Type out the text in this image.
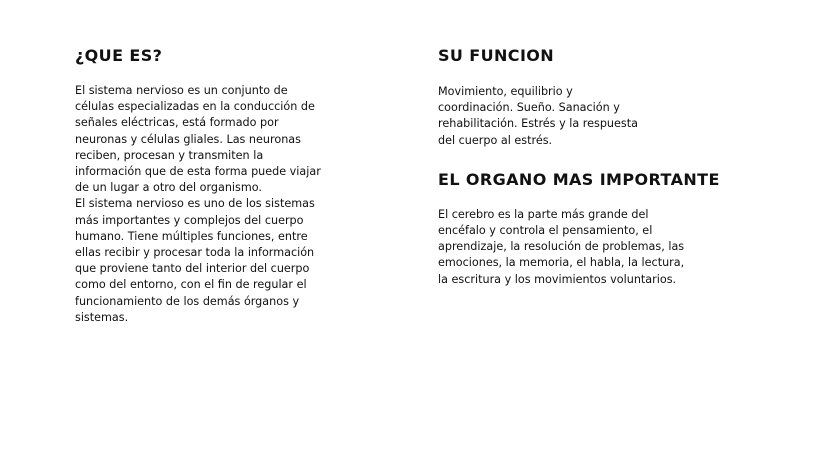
¿QUE ES?

El sistema nervioso es un conjunto de
células especializadas en la conducción de
señales eléctricas, está formado por
neuronas y células gliales. Las neuronas
reciben, procesan y transmiten la
información que de esta forma puede viajar
de un lugar a otro del organismo.
El sistema nervioso es uno de los sistemas
más importantes y complejos del cuerpo
humano. Tiene múltiples funciones, entre
ellas recibir y procesar toda la información
que proviene tanto del interior del cuerpo
como del entorno, con el fin de regular el
funcionamiento de los demás órganos y
sistemas.

SU FUNCION

Movimiento, equilibrio y
coordinación. Sueño. Sanación y
rehabilitación. Estrés y la respuesta
del cuerpo al estrés.

EL ORGANO MAS IMPORTANTE

El cerebro es la parte más grande del
encéfalo y controla el pensamiento, el
aprendizaje, la resolución de problemas, las
emociones, la memoria, el habla, la lectura,
la escritura y los movimientos voluntarios.
